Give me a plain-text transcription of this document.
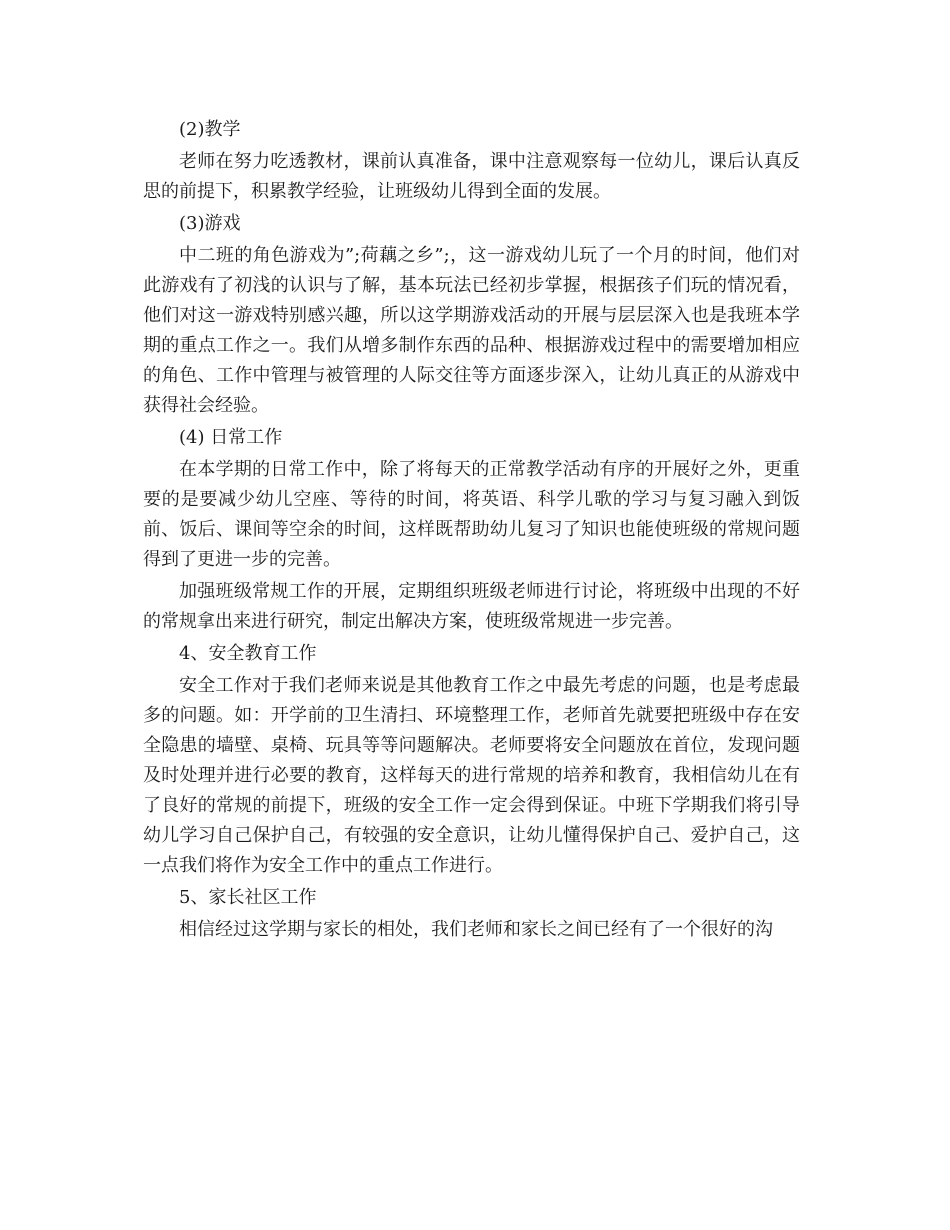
(2)教学

老师在努力吃透教材，课前认真准备，课中注意观察每一位幼儿，课后认真反思的前提下，积累教学经验，让班级幼儿得到全面的发展。

(3)游戏

中二班的角色游戏为”;荷藕之乡”;，这一游戏幼儿玩了一个月的时间，他们对此游戏有了初浅的认识与了解，基本玩法已经初步掌握，根据孩子们玩的情况看，他们对这一游戏特别感兴趣，所以这学期游戏活动的开展与层层深入也是我班本学期的重点工作之一。我们从增多制作东西的品种、根据游戏过程中的需要增加相应的角色、工作中管理与被管理的人际交往等方面逐步深入，让幼儿真正的从游戏中获得社会经验。

(4) 日常工作

在本学期的日常工作中，除了将每天的正常教学活动有序的开展好之外，更重要的是要减少幼儿空座、等待的时间，将英语、科学儿歌的学习与复习融入到饭前、饭后、课间等空余的时间，这样既帮助幼儿复习了知识也能使班级的常规问题得到了更进一步的完善。

加强班级常规工作的开展，定期组织班级老师进行讨论，将班级中出现的不好的常规拿出来进行研究，制定出解决方案，使班级常规进一步完善。

4、安全教育工作

安全工作对于我们老师来说是其他教育工作之中最先考虑的问题，也是考虑最多的问题。如：开学前的卫生清扫、环境整理工作，老师首先就要把班级中存在安全隐患的墙壁、桌椅、玩具等等问题解决。老师要将安全问题放在首位，发现问题及时处理并进行必要的教育，这样每天的进行常规的培养和教育，我相信幼儿在有了良好的常规的前提下，班级的安全工作一定会得到保证。中班下学期我们将引导幼儿学习自己保护自己，有较强的安全意识，让幼儿懂得保护自己、爱护自己，这一点我们将作为安全工作中的重点工作进行。

5、家长社区工作

相信经过这学期与家长的相处，我们老师和家长之间已经有了一个很好的沟
